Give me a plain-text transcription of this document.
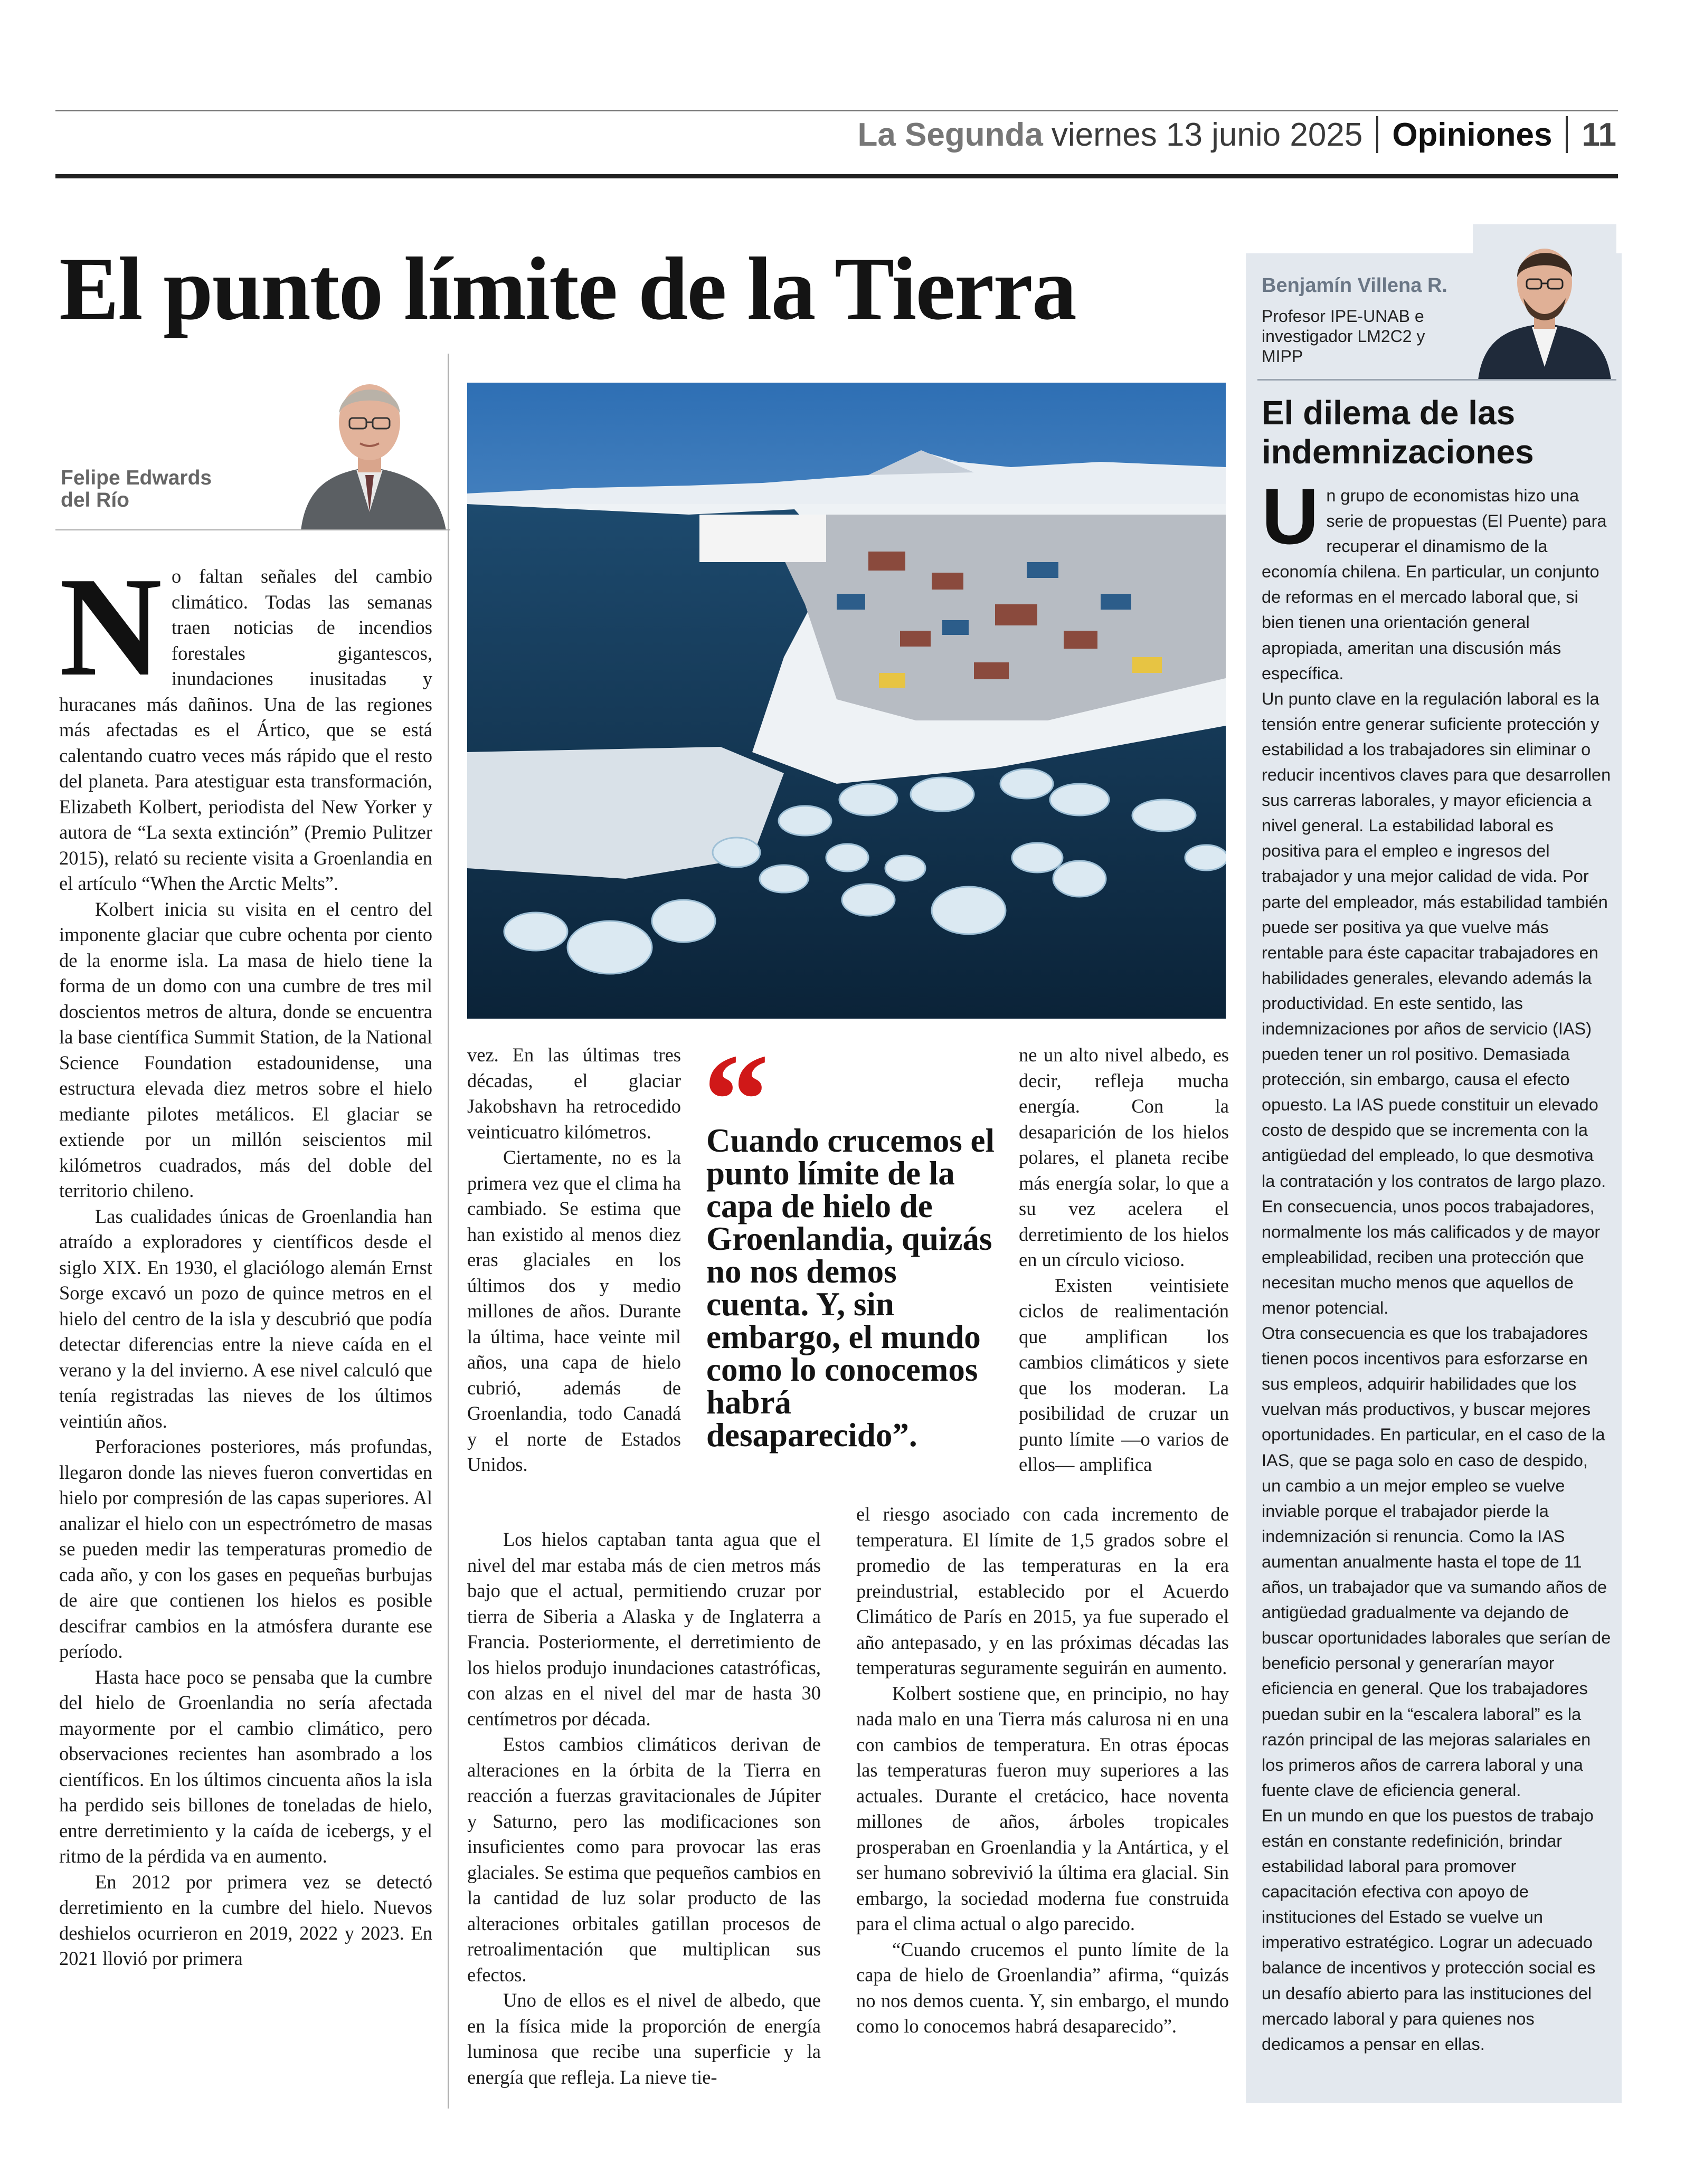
La Segunda viernes 13 junio 2025 Opiniones 11
El punto límite de la Tierra
Felipe Edwards del Río
N o faltan señales del cambio climático. Todas las semanas traen noticias de incendios forestales gigantescos, inundaciones inusitadas y huracanes más dañinos. Una de las regiones más afectadas es el Ártico, que se está calentando cuatro veces más rápido que el resto del planeta. Para atestiguar esta transformación, Elizabeth Kolbert, periodista del New Yorker y autora de “La sexta extinción” (Premio Pulitzer 2015), relató su reciente visita a Groenlandia en el artículo “When the Arctic Melts”.

Kolbert inicia su visita en el centro del imponente glaciar que cubre ochenta por ciento de la enorme isla. La masa de hielo tiene la forma de un domo con una cumbre de tres mil doscientos metros de altura, donde se encuentra la base científica Summit Station, de la National Science Foundation estadounidense, una estructura elevada diez metros sobre el hielo mediante pilotes metálicos. El glaciar se extiende por un millón seiscientos mil kilómetros cuadrados, más del doble del territorio chileno.

Las cualidades únicas de Groenlandia han atraído a exploradores y científicos desde el siglo XIX. En 1930, el glaciólogo alemán Ernst Sorge excavó un pozo de quince metros en el hielo del centro de la isla y descubrió que podía detectar diferencias entre la nieve caída en el verano y la del invierno. A ese nivel calculó que tenía registradas las nieves de los últimos veintiún años.

Perforaciones posteriores, más profundas, llegaron donde las nieves fueron convertidas en hielo por compresión de las capas superiores. Al analizar el hielo con un espectrómetro de masas se pueden medir las temperaturas promedio de cada año, y con los gases en pequeñas burbujas de aire que contienen los hielos es posible descifrar cambios en la atmósfera durante ese período.

Hasta hace poco se pensaba que la cumbre del hielo de Groenlandia no sería afectada mayormente por el cambio climático, pero observaciones recientes han asombrado a los científicos. En los últimos cincuenta años la isla ha perdido seis billones de toneladas de hielo, entre derretimiento y la caída de icebergs, y el ritmo de la pérdida va en aumento.

En 2012 por primera vez se detectó derretimiento en la cumbre del hielo. Nuevos deshielos ocurrieron en 2019, 2022 y 2023. En 2021 llovió por primera

vez. En las últimas tres décadas, el glaciar Jakobshavn ha retrocedido veinticuatro kilómetros.

Ciertamente, no es la primera vez que el clima ha cambiado. Se estima que han existido al menos diez eras glaciales en los últimos dos y medio millones de años. Durante la última, hace veinte mil años, una capa de hielo cubrió, además de Groenlandia, todo Canadá y el norte de Estados Unidos.

“
Cuando crucemos el punto límite de la capa de hielo de Groenlandia, quizás no nos demos cuenta. Y, sin embargo, el mundo como lo conocemos habrá desaparecido”.

ne un alto nivel albedo, es decir, refleja mucha energía. Con la desaparición de los hielos polares, el planeta recibe más energía solar, lo que a su vez acelera el derretimiento de los hielos en un círculo vicioso.

Existen veintisiete ciclos de realimentación que amplifican los cambios climáticos y siete que los moderan. La posibilidad de cruzar un punto límite —o varios de ellos— amplifica

Los hielos captaban tanta agua que el nivel del mar estaba más de cien metros más bajo que el actual, permitiendo cruzar por tierra de Siberia a Alaska y de Inglaterra a Francia. Posteriormente, el derretimiento de los hielos produjo inundaciones catastróficas, con alzas en el nivel del mar de hasta 30 centímetros por década.

Estos cambios climáticos derivan de alteraciones en la órbita de la Tierra en reacción a fuerzas gravitacionales de Júpiter y Saturno, pero las modificaciones son insuficientes como para provocar las eras glaciales. Se estima que pequeños cambios en la cantidad de luz solar producto de las alteraciones orbitales gatillan procesos de retroalimentación que multiplican sus efectos.

Uno de ellos es el nivel de albedo, que en la física mide la proporción de energía luminosa que recibe una superficie y la energía que refleja. La nieve tie-

el riesgo asociado con cada incremento de temperatura. El límite de 1,5 grados sobre el promedio de las temperaturas en la era preindustrial, establecido por el Acuerdo Climático de París en 2015, ya fue superado el año antepasado, y en las próximas décadas las temperaturas seguramente seguirán en aumento.

Kolbert sostiene que, en principio, no hay nada malo en una Tierra más calurosa ni en una con cambios de temperatura. En otras épocas las temperaturas fueron muy superiores a las actuales. Durante el cretácico, hace noventa millones de años, árboles tropicales prosperaban en Groenlandia y la Antártica, y el ser humano sobrevivió la última era glacial. Sin embargo, la sociedad moderna fue construida para el clima actual o algo parecido.

“Cuando crucemos el punto límite de la capa de hielo de Groenlandia” afirma, “quizás no nos demos cuenta. Y, sin embargo, el mundo como lo conocemos habrá desaparecido”.

Benjamín Villena R.
Profesor IPE-UNAB e investigador LM2C2 y MIPP
El dilema de las indemnizaciones
U n grupo de economistas hizo una serie de propuestas (El Puente) para recuperar el dinamismo de la economía chilena. En particular, un conjunto de reformas en el mercado laboral que, si bien tienen una orientación general apropiada, ameritan una discusión más específica.

Un punto clave en la regulación laboral es la tensión entre generar suficiente protección y estabilidad a los trabajadores sin eliminar o reducir incentivos claves para que desarrollen sus carreras laborales, y mayor eficiencia a nivel general. La estabilidad laboral es positiva para el empleo e ingresos del trabajador y una mejor calidad de vida. Por parte del empleador, más estabilidad también puede ser positiva ya que vuelve más rentable para éste capacitar trabajadores en habilidades generales, elevando además la productividad. En este sentido, las indemnizaciones por años de servicio (IAS) pueden tener un rol positivo. Demasiada protección, sin embargo, causa el efecto opuesto. La IAS puede constituir un elevado costo de despido que se incrementa con la antigüedad del empleado, lo que desmotiva la contratación y los contratos de largo plazo. En consecuencia, unos pocos trabajadores, normalmente los más calificados y de mayor empleabilidad, reciben una protección que necesitan mucho menos que aquellos de menor potencial.

Otra consecuencia es que los trabajadores tienen pocos incentivos para esforzarse en sus empleos, adquirir habilidades que los vuelvan más productivos, y buscar mejores oportunidades. En particular, en el caso de la IAS, que se paga solo en caso de despido, un cambio a un mejor empleo se vuelve inviable porque el trabajador pierde la indemnización si renuncia. Como la IAS aumentan anualmente hasta el tope de 11 años, un trabajador que va sumando años de antigüedad gradualmente va dejando de buscar oportunidades laborales que serían de beneficio personal y generarían mayor eficiencia en general. Que los trabajadores puedan subir en la “escalera laboral” es la razón principal de las mejoras salariales en los primeros años de carrera laboral y una fuente clave de eficiencia general.

En un mundo en que los puestos de trabajo están en constante redefinición, brindar estabilidad laboral para promover capacitación efectiva con apoyo de instituciones del Estado se vuelve un imperativo estratégico. Lograr un adecuado balance de incentivos y protección social es un desafío abierto para las instituciones del mercado laboral y para quienes nos dedicamos a pensar en ellas.
